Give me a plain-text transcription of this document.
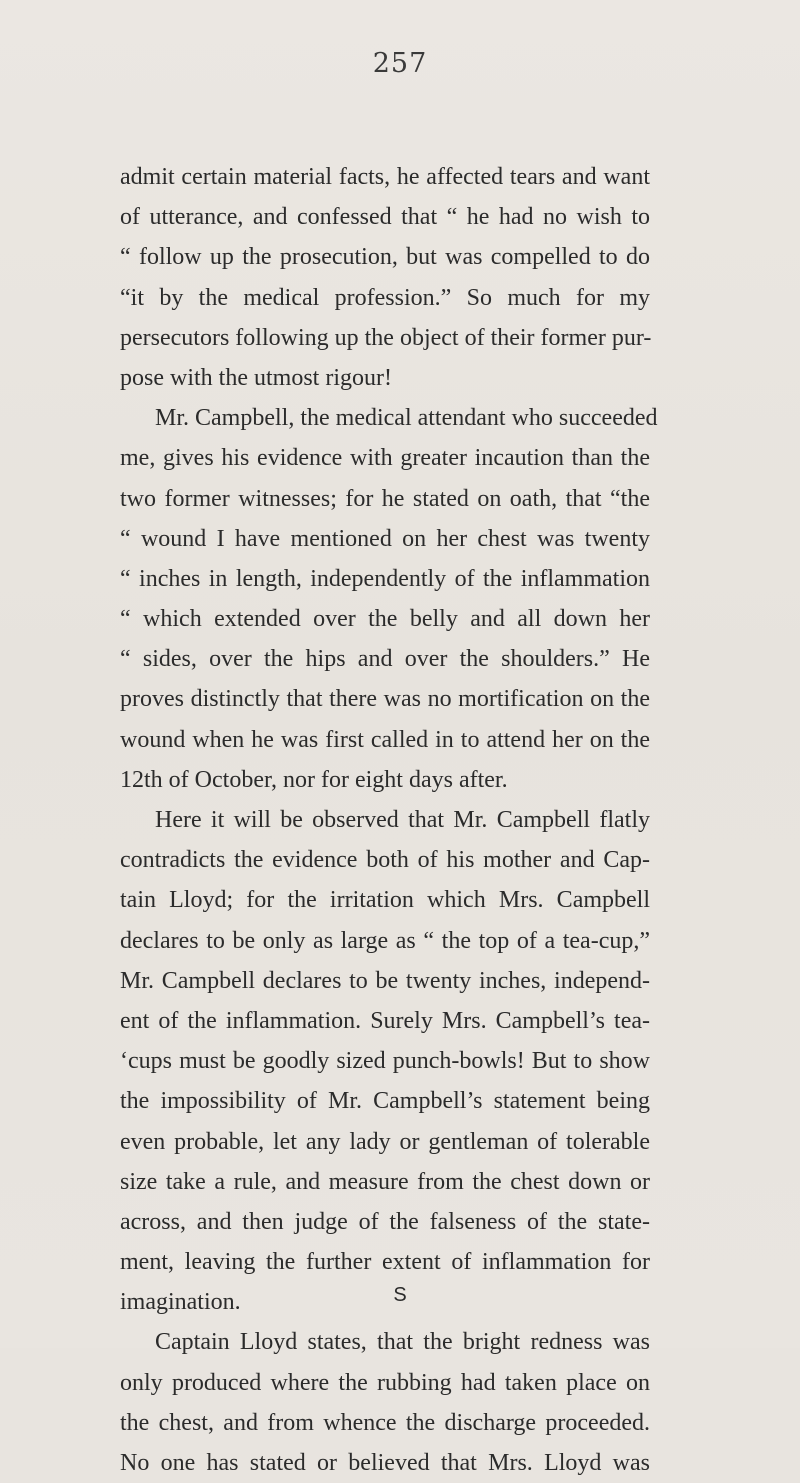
257
admit certain material facts, he affected tears and want
of utterance, and confessed that “ he had no wish to
“ follow up the prosecution, but was compelled to do
“it by the medical profession.” So much for my
persecutors following up the object of their former pur-
pose with the utmost rigour!
Mr. Campbell, the medical attendant who succeeded
me, gives his evidence with greater incaution than the
two former witnesses; for he stated on oath, that “the
“ wound I have mentioned on her chest was twenty
“ inches in length, independently of the inflammation
“ which extended over the belly and all down her
“ sides, over the hips and over the shoulders.” He
proves distinctly that there was no mortification on the
wound when he was first called in to attend her on the
12th of October, nor for eight days after.
Here it will be observed that Mr. Campbell flatly
contradicts the evidence both of his mother and Cap-
tain Lloyd; for the irritation which Mrs. Campbell
declares to be only as large as “ the top of a tea-cup,”
Mr. Campbell declares to be twenty inches, independ-
ent of the inflammation. Surely Mrs. Campbell’s tea-
‘cups must be goodly sized punch-bowls! But to show
the impossibility of Mr. Campbell’s statement being
even probable, let any lady or gentleman of tolerable
size take a rule, and measure from the chest down or
across, and then judge of the falseness of the state-
ment, leaving the further extent of inflammation for
imagination.
Captain Lloyd states, that the bright redness was
only produced where the rubbing had taken place on
the chest, and from whence the discharge proceeded.
No one has stated or believed that Mrs. Lloyd was
S
